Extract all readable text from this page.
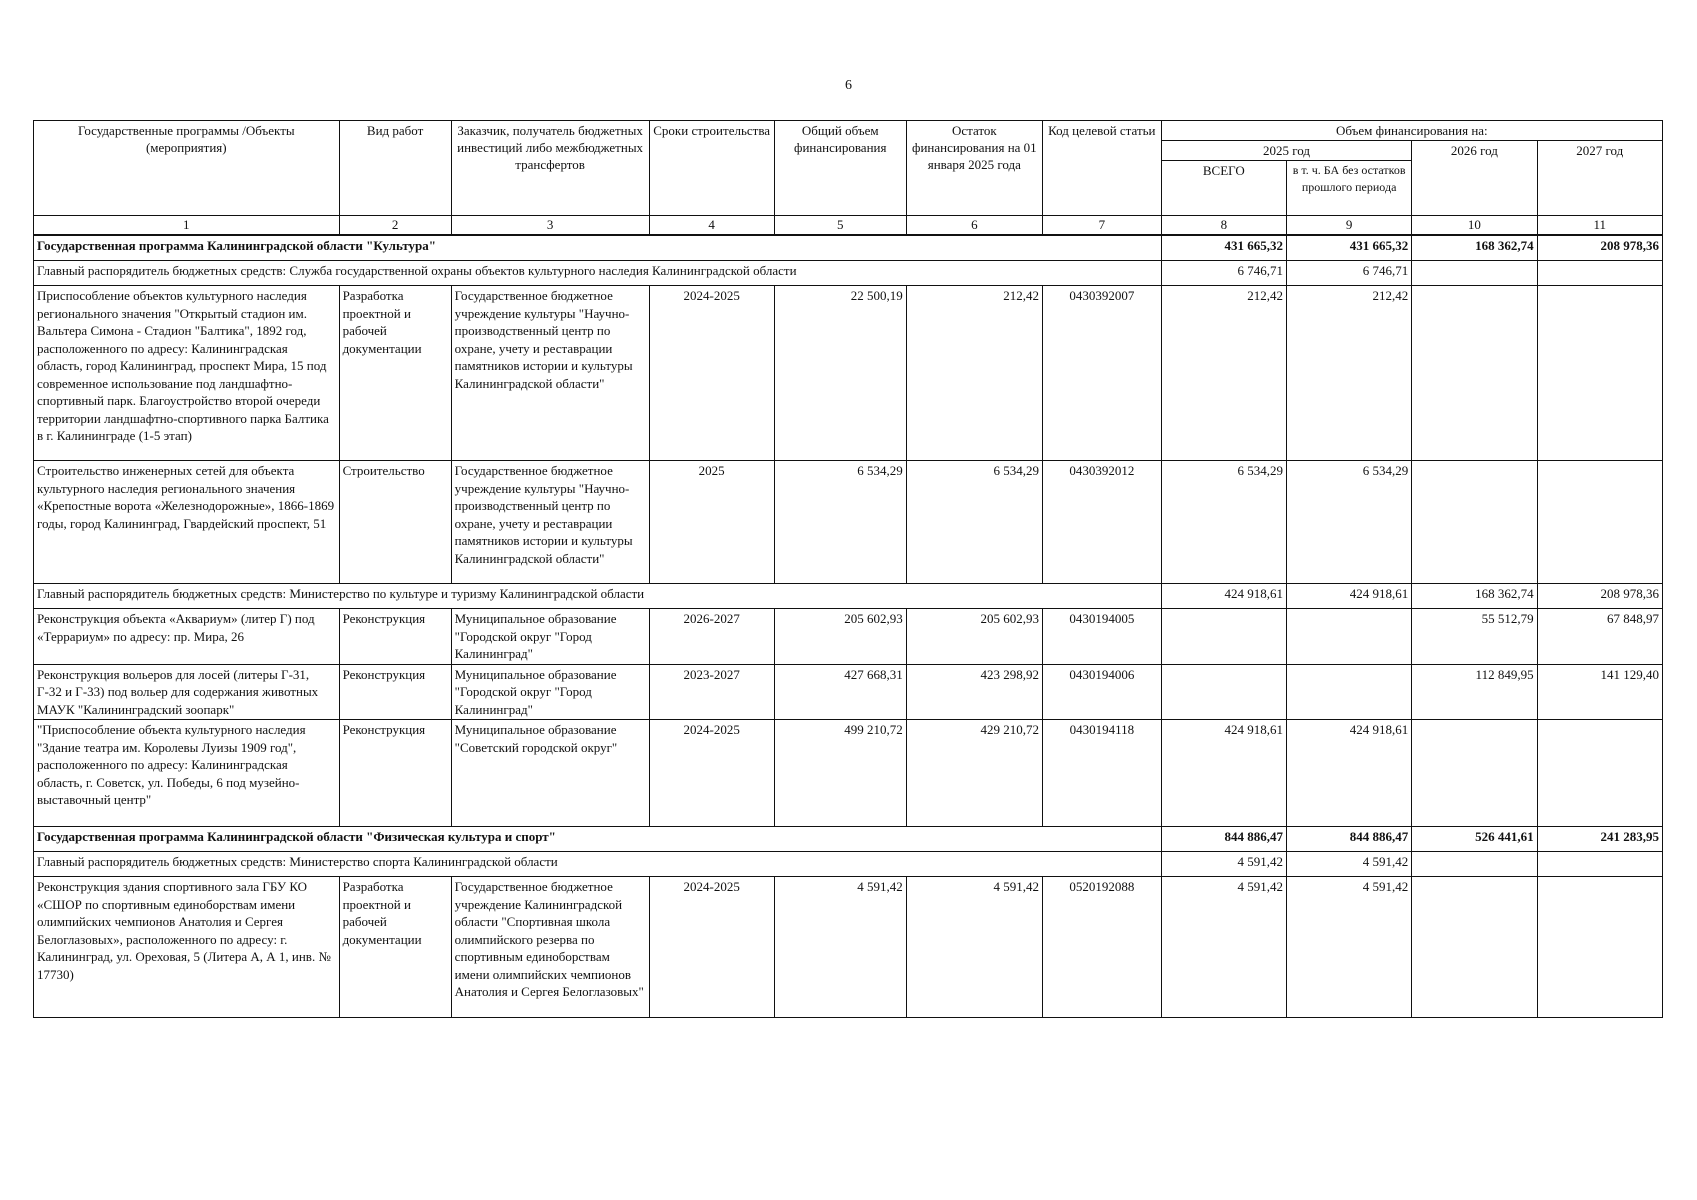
6
Государственные программы /Объекты (мероприятия)	Вид работ	Заказчик, получатель бюджетных инвестиций либо межбюджетных трансфертов	Сроки строительства	Общий объем финансирования	Остаток финансирования на 01 января 2025 года	Код целевой статьи	Объем финансирования на:			
							2025 год		2026 год	2027 год
							ВСЕГО	в т. ч. БА без остатков прошлого периода		
1	2	3	4	5	6	7	8	9	10	11
Государственная программа Калининградской области "Культура"							431 665,32	431 665,32	168 362,74	208 978,36
Главный распорядитель бюджетных средств: Служба государственной охраны объектов культурного наследия Калининградской области							6 746,71	6 746,71		
Приспособление объектов культурного наследия регионального значения "Открытый стадион им. Вальтера Симона - Стадион "Балтика", 1892 год, расположенного по адресу: Калининградская область, город Калининград, проспект Мира, 15 под современное использование под ландшафтно-спортивный парк. Благоустройство второй очереди территории ландшафтно-спортивного парка Балтика в г. Калининграде (1-5 этап)	Разработка проектной и рабочей документации	Государственное бюджетное учреждение культуры "Научно-производственный центр по охране, учету и реставрации памятников истории и культуры Калининградской области"	2024-2025	22 500,19	212,42	0430392007	212,42	212,42		
Строительство инженерных сетей для объекта культурного наследия регионального значения «Крепостные ворота «Железнодорожные», 1866-1869 годы, город Калининград, Гвардейский проспект, 51	Строительство	Государственное бюджетное учреждение культуры "Научно-производственный центр по охране, учету и реставрации памятников истории и культуры Калининградской области"	2025	6 534,29	6 534,29	0430392012	6 534,29	6 534,29		
Главный распорядитель бюджетных средств: Министерство по культуре и туризму Калининградской области							424 918,61	424 918,61	168 362,74	208 978,36
Реконструкция объекта «Аквариум» (литер Г) под «Террариум» по адресу: пр. Мира, 26	Реконструкция	Муниципальное образование "Городской округ "Город Калининград"	2026-2027	205 602,93	205 602,93	0430194005			55 512,79	67 848,97
Реконструкция вольеров для лосей (литеры Г-31, Г-32 и Г-33) под вольер для содержания животных МАУК "Калининградский зоопарк"	Реконструкция	Муниципальное образование "Городской округ "Город Калининград"	2023-2027	427 668,31	423 298,92	0430194006			112 849,95	141 129,40
"Приспособление объекта культурного наследия "Здание театра им. Королевы Луизы 1909 год", расположенного по адресу: Калининградская область, г. Советск, ул. Победы, 6 под музейно-выставочный центр"	Реконструкция	Муниципальное образование "Советский городской округ"	2024-2025	499 210,72	429 210,72	0430194118	424 918,61	424 918,61		
Государственная программа Калининградской области "Физическая культура и спорт"							844 886,47	844 886,47	526 441,61	241 283,95
Главный распорядитель бюджетных средств: Министерство спорта Калининградской области							4 591,42	4 591,42		
Реконструкция здания спортивного зала ГБУ КО «СШОР по спортивным единоборствам имени олимпийских чемпионов Анатолия и Сергея Белоглазовых», расположенного по адресу: г. Калининград, ул. Ореховая, 5 (Литера А, А 1, инв. № 17730)	Разработка проектной и рабочей документации	Государственное бюджетное учреждение Калининградской области "Спортивная школа олимпийского резерва по спортивным единоборствам имени олимпийских чемпионов Анатолия и Сергея Белоглазовых"	2024-2025	4 591,42	4 591,42	0520192088	4 591,42	4 591,42		
